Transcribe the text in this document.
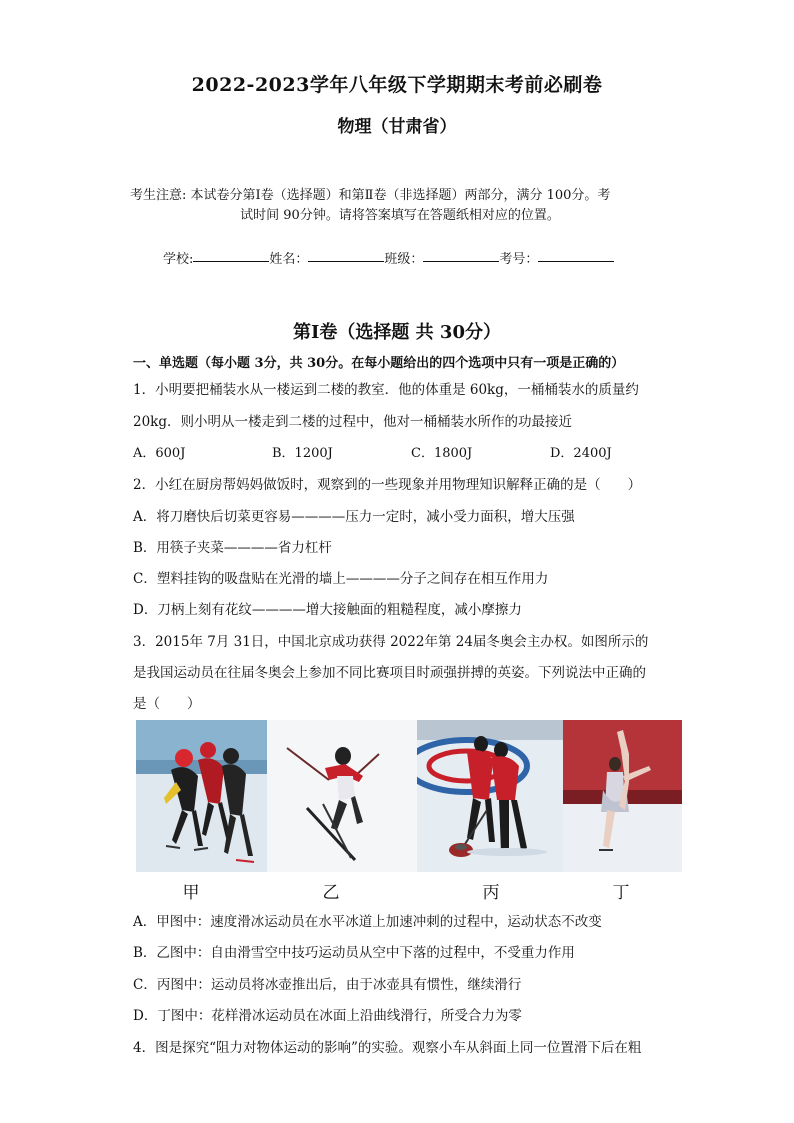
2022-2023学年八年级下学期期末考前必刷卷
物理（甘肃省）
考生注意: 本试卷分第Ⅰ卷（选择题）和第Ⅱ卷（非选择题）两部分，满分 100分。考
试时间 90分钟。请将答案填写在答题纸相对应的位置。
学校:	姓名：	班级：	考号：
第Ⅰ卷（选择题 共 30分）
一、单选题（每小题 3分，共 30分。在每小题给出的四个选项中只有一项是正确的）
1．小明要把桶装水从一楼运到二楼的教室．他的体重是 60kg，一桶桶装水的质量约
20kg．则小明从一楼走到二楼的过程中，他对一桶桶装水所作的功最接近
A．600J	B．1200J	C．1800J	D．2400J
2．小红在厨房帮妈妈做饭时，观察到的一些现象并用物理知识解释正确的是（　　）
A．将刀磨快后切菜更容易————压力一定时，减小受力面积，增大压强
B．用筷子夹菜————省力杠杆
C．塑料挂钩的吸盘贴在光滑的墙上————分子之间存在相互作用力
D．刀柄上刻有花纹————增大接触面的粗糙程度，减小摩擦力
3．2015年 7月 31日，中国北京成功获得 2022年第 24届冬奥会主办权。如图所示的
是我国运动员在往届冬奥会上参加不同比赛项目时顽强拼搏的英姿。下列说法中正确的
是（　　）
甲	乙	丙	丁
A．甲图中：速度滑冰运动员在水平冰道上加速冲刺的过程中，运动状态不改变
B．乙图中：自由滑雪空中技巧运动员从空中下落的过程中，不受重力作用
C．丙图中：运动员将冰壶推出后，由于冰壶具有惯性，继续滑行
D．丁图中：花样滑冰运动员在冰面上沿曲线滑行，所受合力为零
4．图是探究“阻力对物体运动的影响”的实验。观察小车从斜面上同一位置滑下后在粗
